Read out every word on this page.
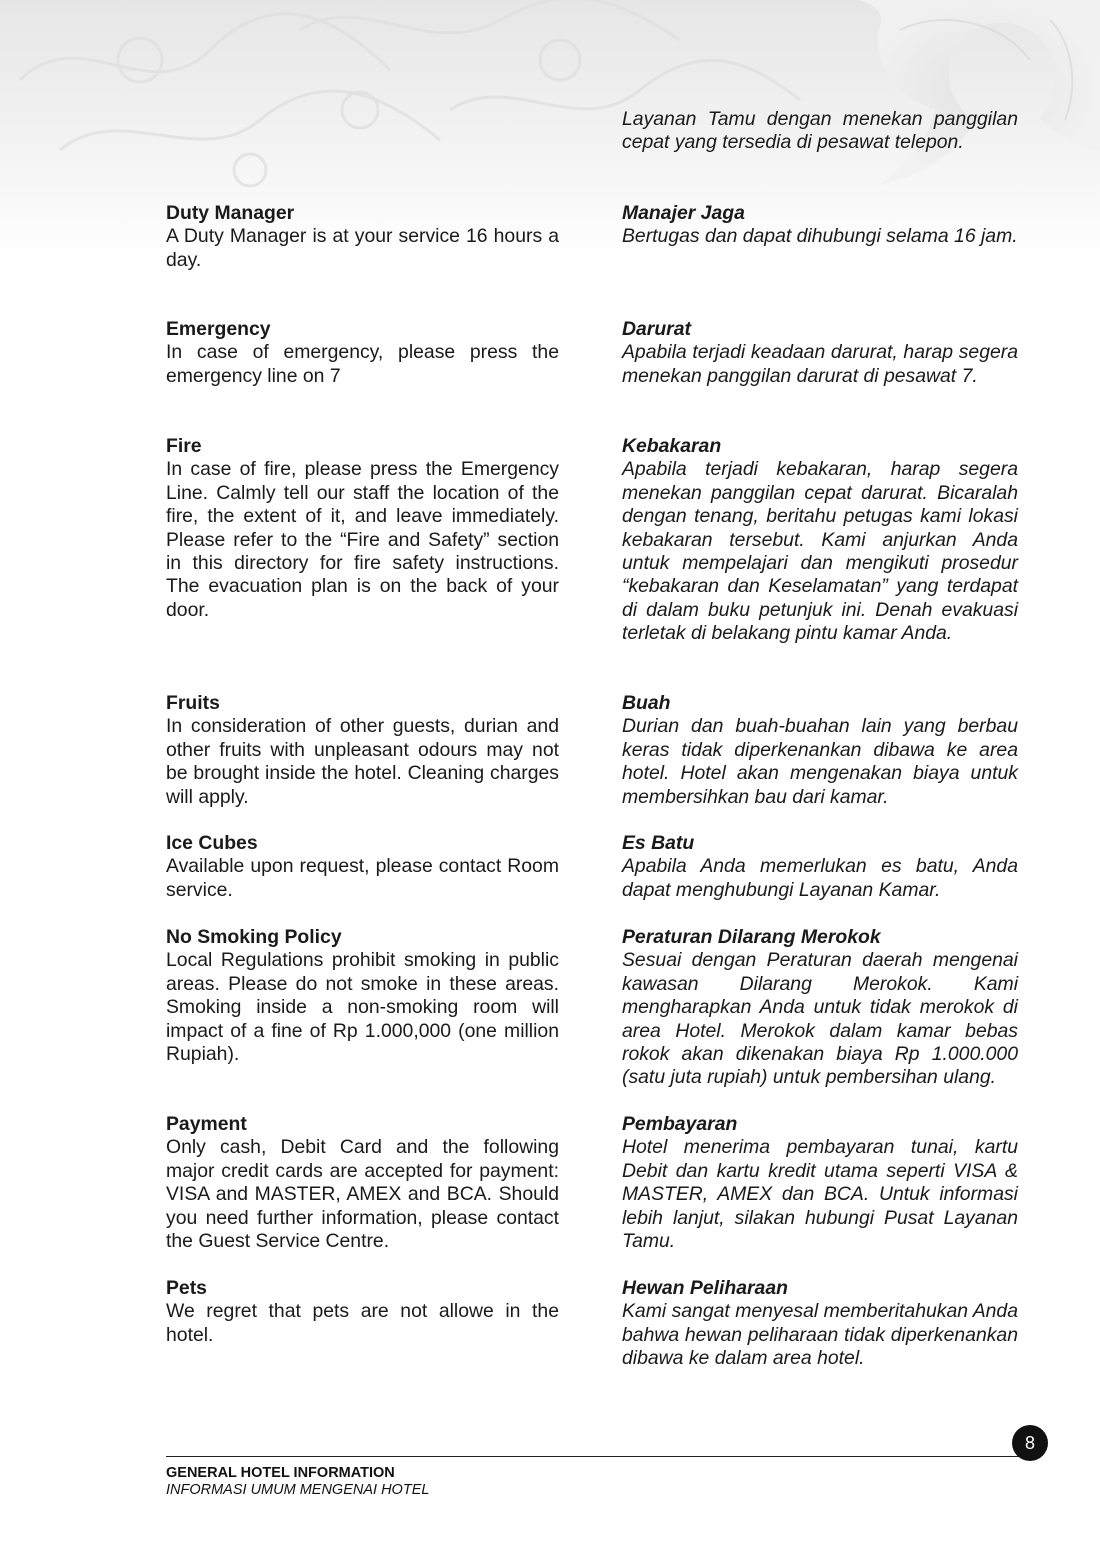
Layanan Tamu dengan menekan panggilan cepat yang tersedia di pesawat telepon.
Duty Manager
A Duty Manager is at your service 16 hours a day.
Manajer Jaga
Bertugas dan dapat dihubungi selama 16 jam.
Emergency
In case of emergency, please press the emergency line on 7
Darurat
Apabila terjadi keadaan darurat, harap segera menekan panggilan darurat di pesawat 7.
Fire
In case of fire, please press the Emergency Line. Calmly tell our staff the location of the fire, the extent of it, and leave immediately. Please refer to the “Fire and Safety” section in this directory for fire safety instructions. The evacuation plan is on the back of your door.
Kebakaran
Apabila terjadi kebakaran, harap segera menekan panggilan cepat darurat. Bicaralah dengan tenang, beritahu petugas kami lokasi kebakaran tersebut. Kami anjurkan Anda untuk mempelajari dan mengikuti prosedur “kebakaran dan Keselamatan” yang terdapat di dalam buku petunjuk ini. Denah evakuasi terletak di belakang pintu kamar Anda.
Fruits
In consideration of other guests, durian and other fruits with unpleasant odours may not be brought inside the hotel. Cleaning charges will apply.
Buah
Durian dan buah-buahan lain yang berbau keras tidak diperkenankan dibawa ke area hotel. Hotel akan mengenakan biaya untuk membersihkan bau dari kamar.
Ice Cubes
Available upon request, please contact Room service.
Es Batu
Apabila Anda memerlukan es batu, Anda dapat menghubungi Layanan Kamar.
No Smoking Policy
Local Regulations prohibit smoking in public areas. Please do not smoke in these areas. Smoking inside a non-smoking room will impact of a fine of Rp 1.000,000 (one million Rupiah).
Peraturan Dilarang Merokok
Sesuai dengan Peraturan daerah mengenai kawasan Dilarang Merokok. Kami mengharapkan Anda untuk tidak merokok di area Hotel. Merokok dalam kamar bebas rokok akan dikenakan biaya Rp 1.000.000 (satu juta rupiah) untuk pembersihan ulang.
Payment
Only cash, Debit Card and the following major credit cards are accepted for payment: VISA and MASTER, AMEX and BCA. Should you need further information, please contact the Guest Service Centre.
Pembayaran
Hotel menerima pembayaran tunai, kartu Debit dan kartu kredit utama seperti VISA & MASTER, AMEX dan BCA. Untuk informasi lebih lanjut, silakan hubungi Pusat Layanan Tamu.
Pets
We regret that pets are not allowe in the hotel.
Hewan Peliharaan
Kami sangat menyesal memberitahukan Anda bahwa hewan peliharaan tidak diperkenankan dibawa ke dalam area hotel.
8
GENERAL HOTEL INFORMATION
INFORMASI UMUM MENGENAI HOTEL
